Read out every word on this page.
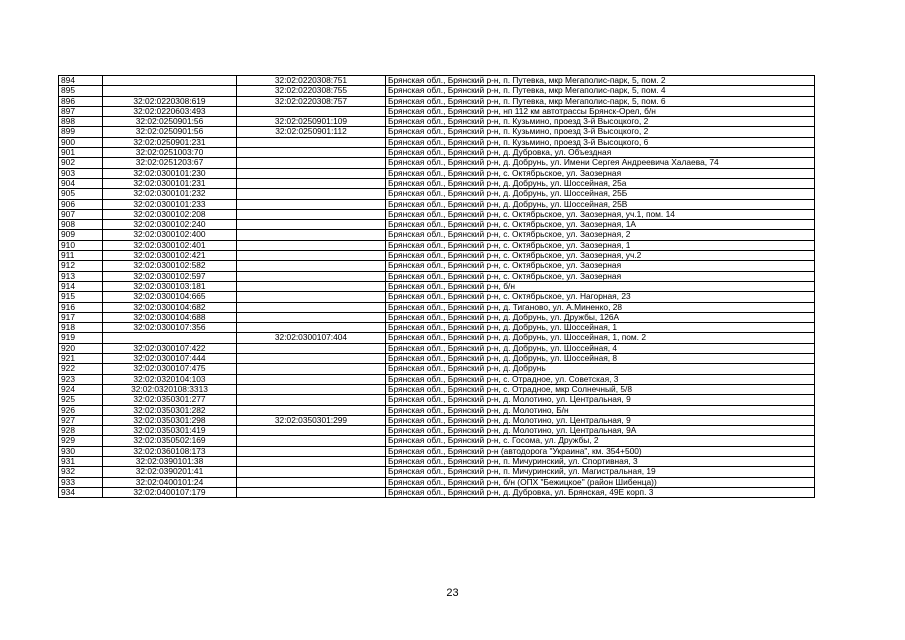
894		32:02:0220308:751	Брянская обл., Брянский р-н, п. Путевка, мкр Мегаполис-парк, 5, пом. 2
895		32:02:0220308:755	Брянская обл., Брянский р-н, п. Путевка, мкр Мегаполис-парк, 5, пом. 4
896	32:02:0220308:619	32:02:0220308:757	Брянская обл., Брянский р-н, п. Путевка, мкр Мегаполис-парк, 5, пом. 6
897	32:02:0220603:493		Брянская обл., Брянский р-н, нп 112 км автотрассы Брянск-Орел, б/н
898	32:02:0250901:56	32:02:0250901:109	Брянская обл., Брянский р-н, п. Кузьмино, проезд 3-й Высоцкого, 2
899	32:02:0250901:56	32:02:0250901:112	Брянская обл., Брянский р-н, п. Кузьмино, проезд 3-й Высоцкого, 2
900	32:02:0250901:231		Брянская обл., Брянский р-н, п. Кузьмино, проезд 3-й Высоцкого, 6
901	32:02:0251003:70		Брянская обл., Брянский р-н, д. Дубровка, ул. Объездная
902	32:02:0251203:67		Брянская обл., Брянский р-н, д. Добрунь, ул. Имени Сергея Андреевича Халаева, 74
903	32:02:0300101:230		Брянская обл., Брянский р-н, с. Октябрьское, ул. Заозерная
904	32:02:0300101:231		Брянская обл., Брянский р-н, д. Добрунь, ул. Шоссейная, 25а
905	32:02:0300101:232		Брянская обл., Брянский р-н, д. Добрунь, ул. Шоссейная, 25Б
906	32:02:0300101:233		Брянская обл., Брянский р-н, д. Добрунь, ул. Шоссейная, 25В
907	32:02:0300102:208		Брянская обл., Брянский р-н, с. Октябрьское, ул. Заозерная, уч.1, пом. 14
908	32:02:0300102:240		Брянская обл., Брянский р-н, с. Октябрьское, ул. Заозерная, 1А
909	32:02:0300102:400		Брянская обл., Брянский р-н, с. Октябрьское, ул. Заозерная, 2
910	32:02:0300102:401		Брянская обл., Брянский р-н, с. Октябрьское, ул. Заозерная, 1
911	32:02:0300102:421		Брянская обл., Брянский р-н, с. Октябрьское, ул. Заозерная, уч.2
912	32:02:0300102:582		Брянская обл., Брянский р-н, с. Октябрьское, ул. Заозерная
913	32:02:0300102:597		Брянская обл., Брянский р-н, с. Октябрьское, ул. Заозерная
914	32:02:0300103:181		Брянская обл., Брянский р-н, б/н
915	32:02:0300104:665		Брянская обл., Брянский р-н, с. Октябрьское, ул. Нагорная, 23
916	32:02:0300104:682		Брянская обл., Брянский р-н, д. Тиганово, ул. А.Миненко, 28
917	32:02:0300104:688		Брянская обл., Брянский р-н, д. Добрунь, ул. Дружбы, 126А
918	32:02:0300107:356		Брянская обл., Брянский р-н, д. Добрунь, ул. Шоссейная, 1
919		32:02:0300107:404	Брянская обл., Брянский р-н, д. Добрунь, ул. Шоссейная, 1, пом. 2
920	32:02:0300107:422		Брянская обл., Брянский р-н, д. Добрунь, ул. Шоссейная, 4
921	32:02:0300107:444		Брянская обл., Брянский р-н, д. Добрунь, ул. Шоссейная, 8
922	32:02:0300107:475		Брянская обл., Брянский р-н, д. Добрунь
923	32:02:0320104:103		Брянская обл., Брянский р-н, с. Отрадное, ул. Советская, 3
924	32:02:0320108:3313		Брянская обл., Брянский р-н, с. Отрадное, мкр Солнечный, 5/8
925	32:02:0350301:277		Брянская обл., Брянский р-н, д. Молотино, ул. Центральная, 9
926	32:02:0350301:282		Брянская обл., Брянский р-н, д. Молотино, Б/н
927	32:02:0350301:298	32:02:0350301:299	Брянская обл., Брянский р-н, д. Молотино, ул. Центральная, 9
928	32:02:0350301:419		Брянская обл., Брянский р-н, д. Молотино, ул. Центральная, 9А
929	32:02:0350502:169		Брянская обл., Брянский р-н, с. Госома, ул. Дружбы, 2
930	32:02:0360108:173		Брянская обл., Брянский р-н (автодорога "Украина", км. 354+500)
931	32:02:0390101:38		Брянская обл., Брянский р-н, п. Мичуринский, ул. Спортивная, 3
932	32:02:0390201:41		Брянская обл., Брянский р-н, п. Мичуринский, ул. Магистральная, 19
933	32:02:0400101:24		Брянская обл., Брянский р-н, б/н (ОПХ "Бежицкое" (район Шибенца))
934	32:02:0400107:179		Брянская обл., Брянский р-н, д. Дубровка, ул. Брянская, 49Е корп. 3
23
